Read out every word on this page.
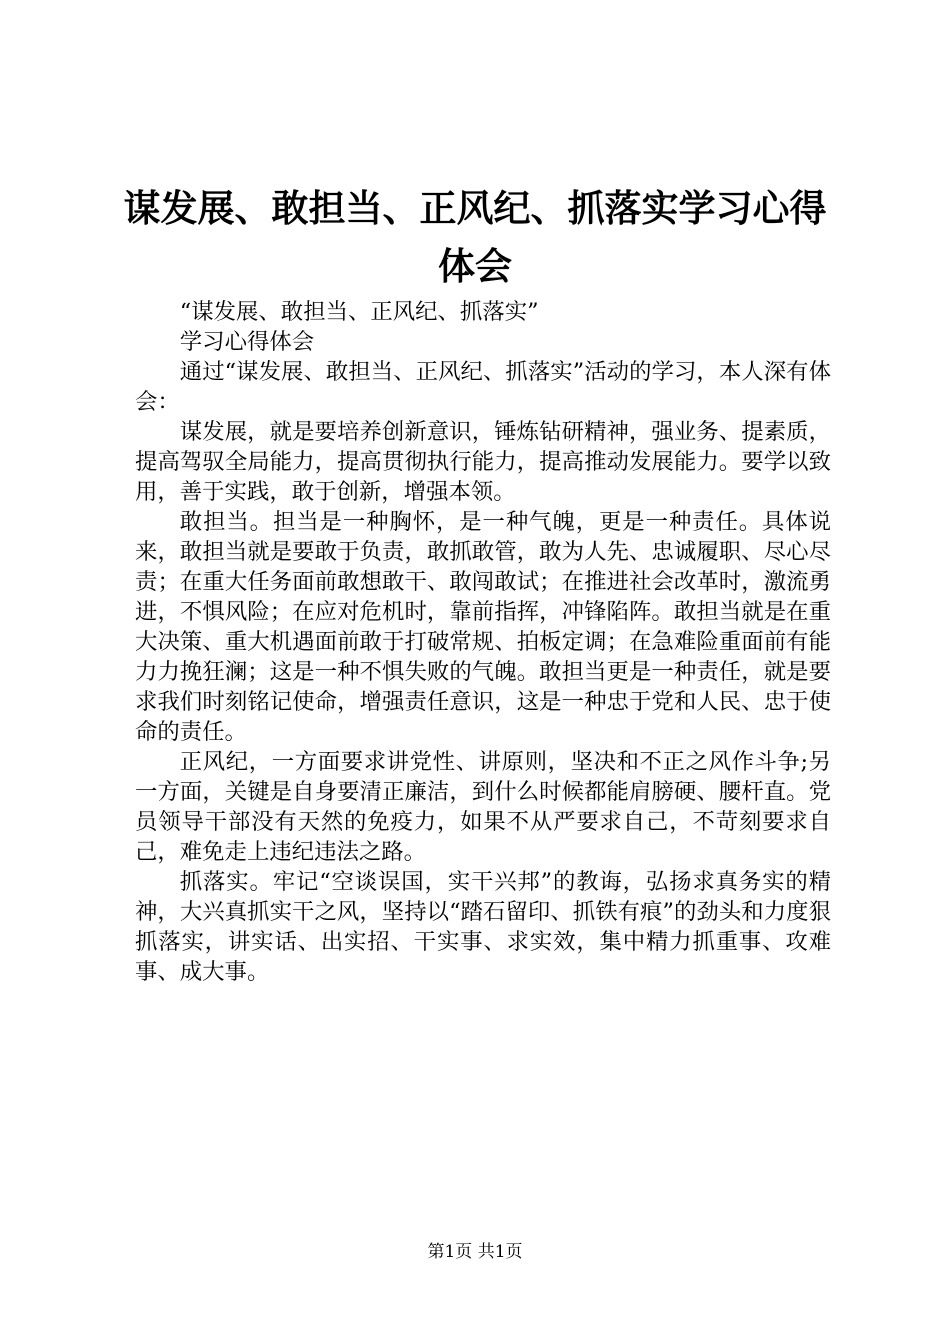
谋发展、敢担当、正风纪、抓落实学习心得体会

“谋发展、敢担当、正风纪、抓落实”

学习心得体会

通过“谋发展、敢担当、正风纪、抓落实”活动的学习，本人深有体会：

谋发展，就是要培养创新意识，锤炼钻研精神，强业务、提素质，提高驾驭全局能力，提高贯彻执行能力，提高推动发展能力。要学以致用，善于实践，敢于创新，增强本领。

敢担当。担当是一种胸怀，是一种气魄，更是一种责任。具体说来，敢担当就是要敢于负责，敢抓敢管，敢为人先、忠诚履职、尽心尽责；在重大任务面前敢想敢干、敢闯敢试；在推进社会改革时，激流勇进，不惧风险；在应对危机时，靠前指挥，冲锋陷阵。敢担当就是在重大决策、重大机遇面前敢于打破常规、拍板定调；在急难险重面前有能力力挽狂澜；这是一种不惧失败的气魄。敢担当更是一种责任，就是要求我们时刻铭记使命，增强责任意识，这是一种忠于党和人民、忠于使命的责任。

正风纪，一方面要求讲党性、讲原则，坚决和不正之风作斗争;另一方面，关键是自身要清正廉洁，到什么时候都能肩膀硬、腰杆直。党员领导干部没有天然的免疫力，如果不从严要求自己，不苛刻要求自己，难免走上违纪违法之路。

抓落实。牢记“空谈误国，实干兴邦”的教诲，弘扬求真务实的精神，大兴真抓实干之风，坚持以“踏石留印、抓铁有痕”的劲头和力度狠抓落实，讲实话、出实招、干实事、求实效，集中精力抓重事、攻难事、成大事。

第1页 共1页
